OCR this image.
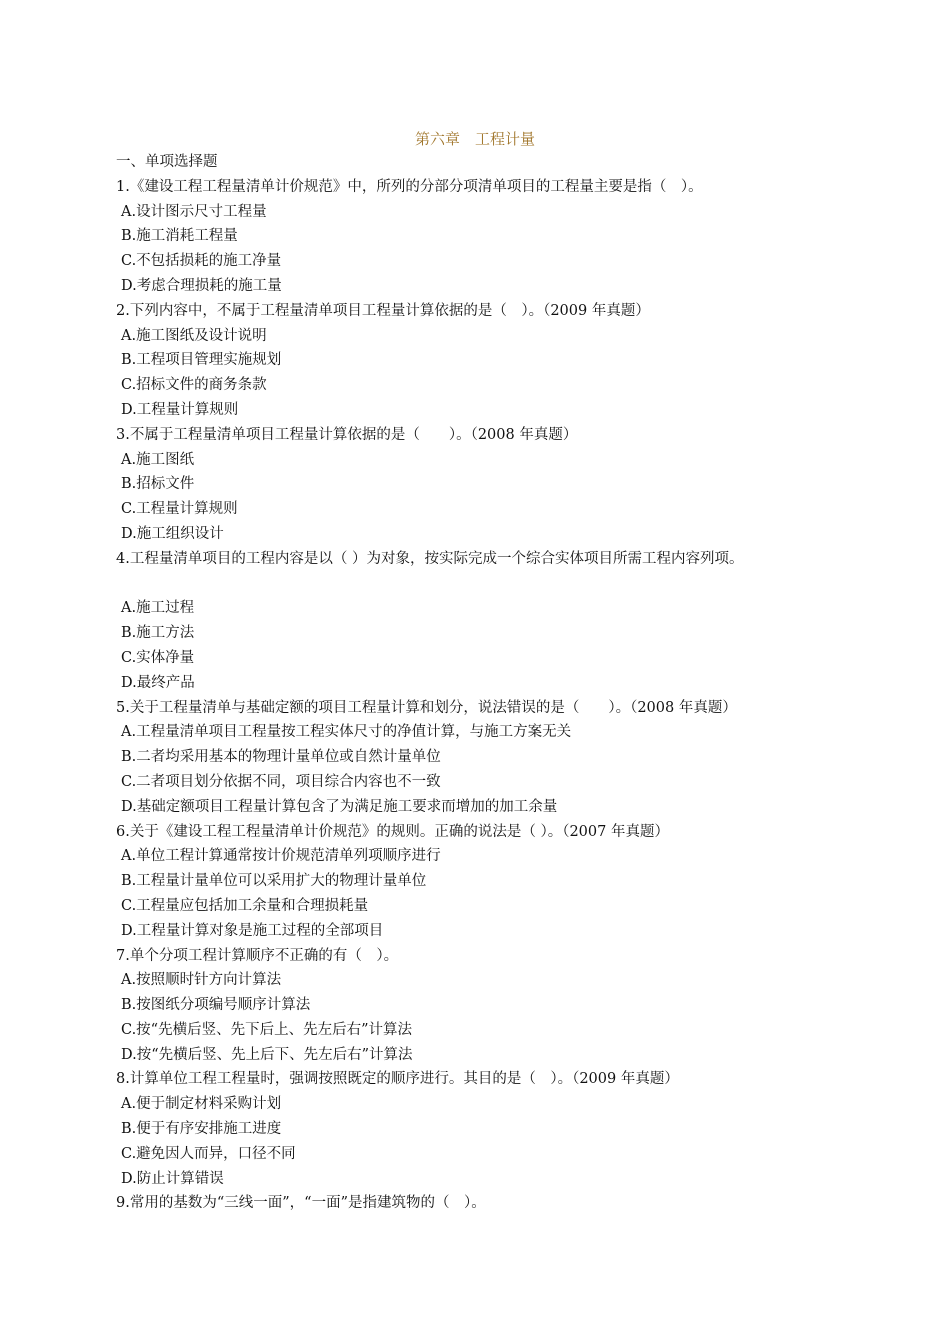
第六章　工程计量
一、单项选择题
1.《建设工程工程量清单计价规范》中，所列的分部分项清单项目的工程量主要是指（　）。
A.设计图示尺寸工程量
B.施工消耗工程量
C.不包括损耗的施工净量
D.考虑合理损耗的施工量
2.下列内容中，不属于工程量清单项目工程量计算依据的是（　）。（2009 年真题）
A.施工图纸及设计说明
B.工程项目管理实施规划
C.招标文件的商务条款
D.工程量计算规则
3.不属于工程量清单项目工程量计算依据的是（　　）。（2008 年真题）
A.施工图纸
B.招标文件
C.工程量计算规则
D.施工组织设计
4.工程量清单项目的工程内容是以（ ）为对象，按实际完成一个综合实体项目所需工程内容列项。
A.施工过程
B.施工方法
C.实体净量
D.最终产品
5.关于工程量清单与基础定额的项目工程量计算和划分，说法错误的是（　　）。（2008 年真题）
A.工程量清单项目工程量按工程实体尺寸的净值计算，与施工方案无关
B.二者均采用基本的物理计量单位或自然计量单位
C.二者项目划分依据不同，项目综合内容也不一致
D.基础定额项目工程量计算包含了为满足施工要求而增加的加工余量
6.关于《建设工程工程量清单计价规范》的规则。正确的说法是（ ）。（2007 年真题）
A.单位工程计算通常按计价规范清单列项顺序进行
B.工程量计量单位可以采用扩大的物理计量单位
C.工程量应包括加工余量和合理损耗量
D.工程量计算对象是施工过程的全部项目
7.单个分项工程计算顺序不正确的有（　）。
A.按照顺时针方向计算法
B.按图纸分项编号顺序计算法
C.按“先横后竖、先下后上、先左后右”计算法
D.按“先横后竖、先上后下、先左后右”计算法
8.计算单位工程工程量时，强调按照既定的顺序进行。其目的是（　）。（2009 年真题）
A.便于制定材料采购计划
B.便于有序安排施工进度
C.避免因人而异，口径不同
D.防止计算错误
9.常用的基数为“三线一面”，“一面”是指建筑物的（　）。
